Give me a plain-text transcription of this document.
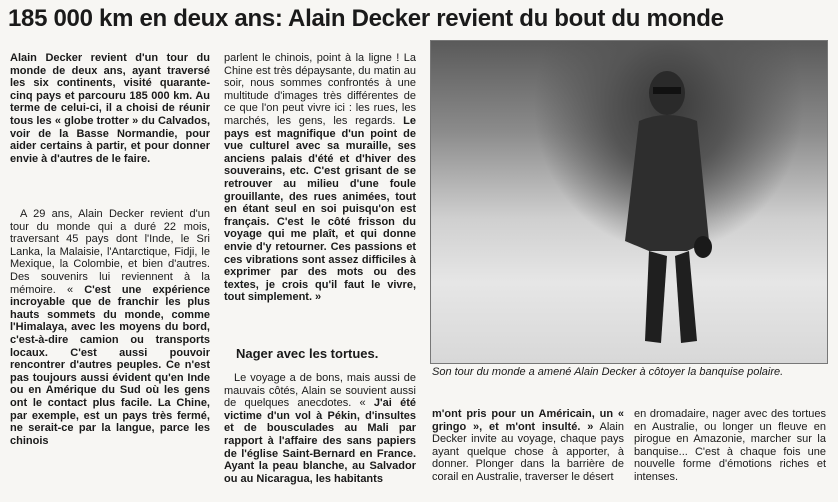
185 000 km en deux ans: Alain Decker revient du bout du monde
Alain Decker revient d'un tour du monde de deux ans, ayant traversé les six continents, visité quarante-cinq pays et parcouru 185 000 km. Au terme de celui-ci, il a choisi de réunir tous les « globe trotter » du Calvados, voir de la Basse Normandie, pour aider certains à partir, et pour donner envie à d'autres de le faire.
A 29 ans, Alain Decker revient d'un tour du monde qui a duré 22 mois, traversant 45 pays dont l'Inde, le Sri Lanka, la Malaisie, l'Antarctique, Fidji, le Mexique, la Colombie, et bien d'autres. Des souvenirs lui reviennent à la mémoire. « C'est une expérience incroyable que de franchir les plus hauts sommets du monde, comme l'Himalaya, avec les moyens du bord, c'est-à-dire camion ou transports locaux. C'est aussi pouvoir rencontrer d'autres peuples. Ce n'est pas toujours aussi évident qu'en Inde ou en Amérique du Sud où les gens ont le contact plus facile. La Chine, par exemple, est un pays très fermé, ne serait-ce par la langue, parce les chinois
parlent le chinois, point à la ligne ! La Chine est très dépaysante, du matin au soir, nous sommes confrontés à une multitude d'images très différentes de ce que l'on peut vivre ici : les rues, les marchés, les gens, les regards. Le pays est magnifique d'un point de vue culturel avec sa muraille, ses anciens palais d'été et d'hiver des souverains, etc. C'est grisant de se retrouver au milieu d'une foule grouillante, des rues animées, tout en étant seul en soi puisqu'on est français. C'est le côté frisson du voyage qui me plaît, et qui donne envie d'y retourner. Ces passions et ces vibrations sont assez difficiles à exprimer par des mots ou des textes, je crois qu'il faut le vivre, tout simplement. »
Nager avec les tortues.
Le voyage a de bons, mais aussi de mauvais côtés, Alain se souvient aussi de quelques anecdotes. « J'ai été victime d'un vol à Pékin, d'insultes et de bousculades au Mali par rapport à l'affaire des sans papiers de l'église Saint-Bernard en France. Ayant la peau blanche, au Salvador ou au Nicaragua, les habitants
Son tour du monde a amené Alain Decker à côtoyer la banquise polaire.
m'ont pris pour un Américain, un « gringo », et m'ont insulté. » Alain Decker invite au voyage, chaque pays ayant quelque chose à apporter, à donner. Plonger dans la barrière de corail en Australie, traverser le désert
en dromadaire, nager avec des tortues en Australie, ou longer un fleuve en pirogue en Amazonie, marcher sur la banquise... C'est à chaque fois une nouvelle forme d'émotions riches et intenses.
